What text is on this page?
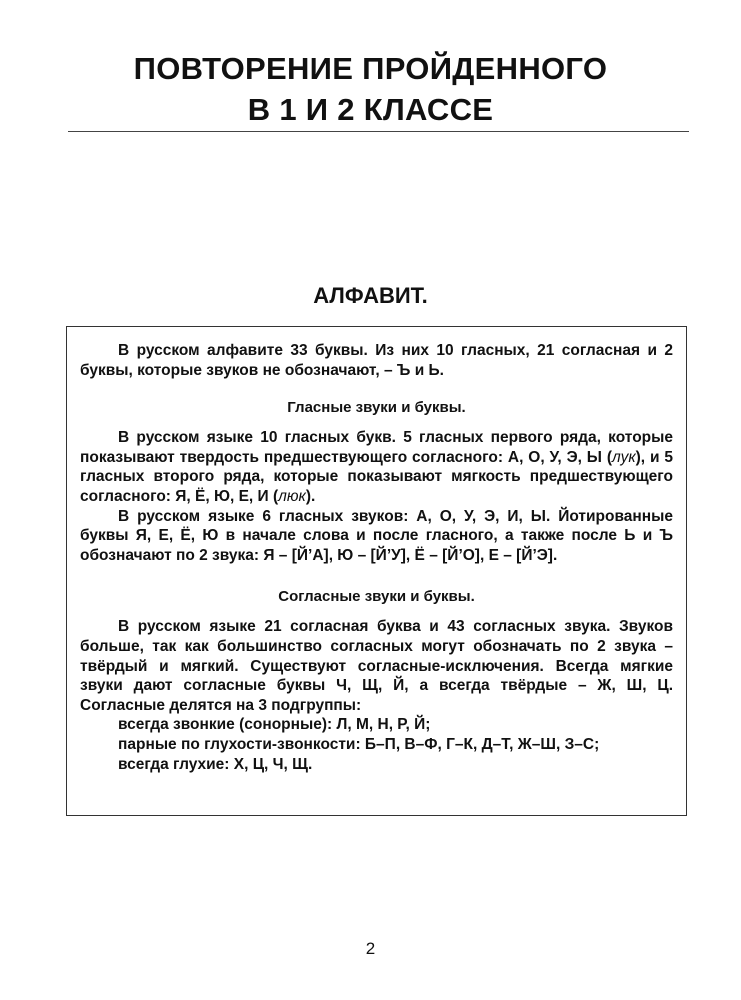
ПОВТОРЕНИЕ ПРОЙДЕННОГО
В 1 И 2 КЛАССЕ
АЛФАВИТ.

В русском алфавите 33 буквы. Из них 10 гласных, 21 согласная и 2 буквы, которые звуков не обозначают, – Ъ и Ь.

Гласные звуки и буквы.

В русском языке 10 гласных букв. 5 гласных первого ряда, которые показывают твердость предшествующего согласного: А, О, У, Э, Ы (лук), и 5 гласных второго ряда, которые показывают мягкость предшествующего согласного: Я, Ё, Ю, Е, И (люк).

В русском языке 6 гласных звуков: А, О, У, Э, И, Ы. Йотированные буквы Я, Е, Ё, Ю в начале слова и после гласного, а также после Ь и Ъ обозначают по 2 звука: Я – [Й’А], Ю – [Й’У], Ё – [Й’О], Е – [Й’Э].

Согласные звуки и буквы.

В русском языке 21 согласная буква и 43 согласных звука. Звуков больше, так как большинство согласных могут обозначать по 2 звука – твёрдый и мягкий. Существуют согласные-исключения. Всегда мягкие звуки дают согласные буквы Ч, Щ, Й, а всегда твёрдые – Ж, Ш, Ц. Согласные делятся на 3 подгруппы:

всегда звонкие (сонорные): Л, М, Н, Р, Й;

парные по глухости-звонкости: Б–П, В–Ф, Г–К, Д–Т, Ж–Ш, З–С;

всегда глухие: Х, Ц, Ч, Щ.

2
